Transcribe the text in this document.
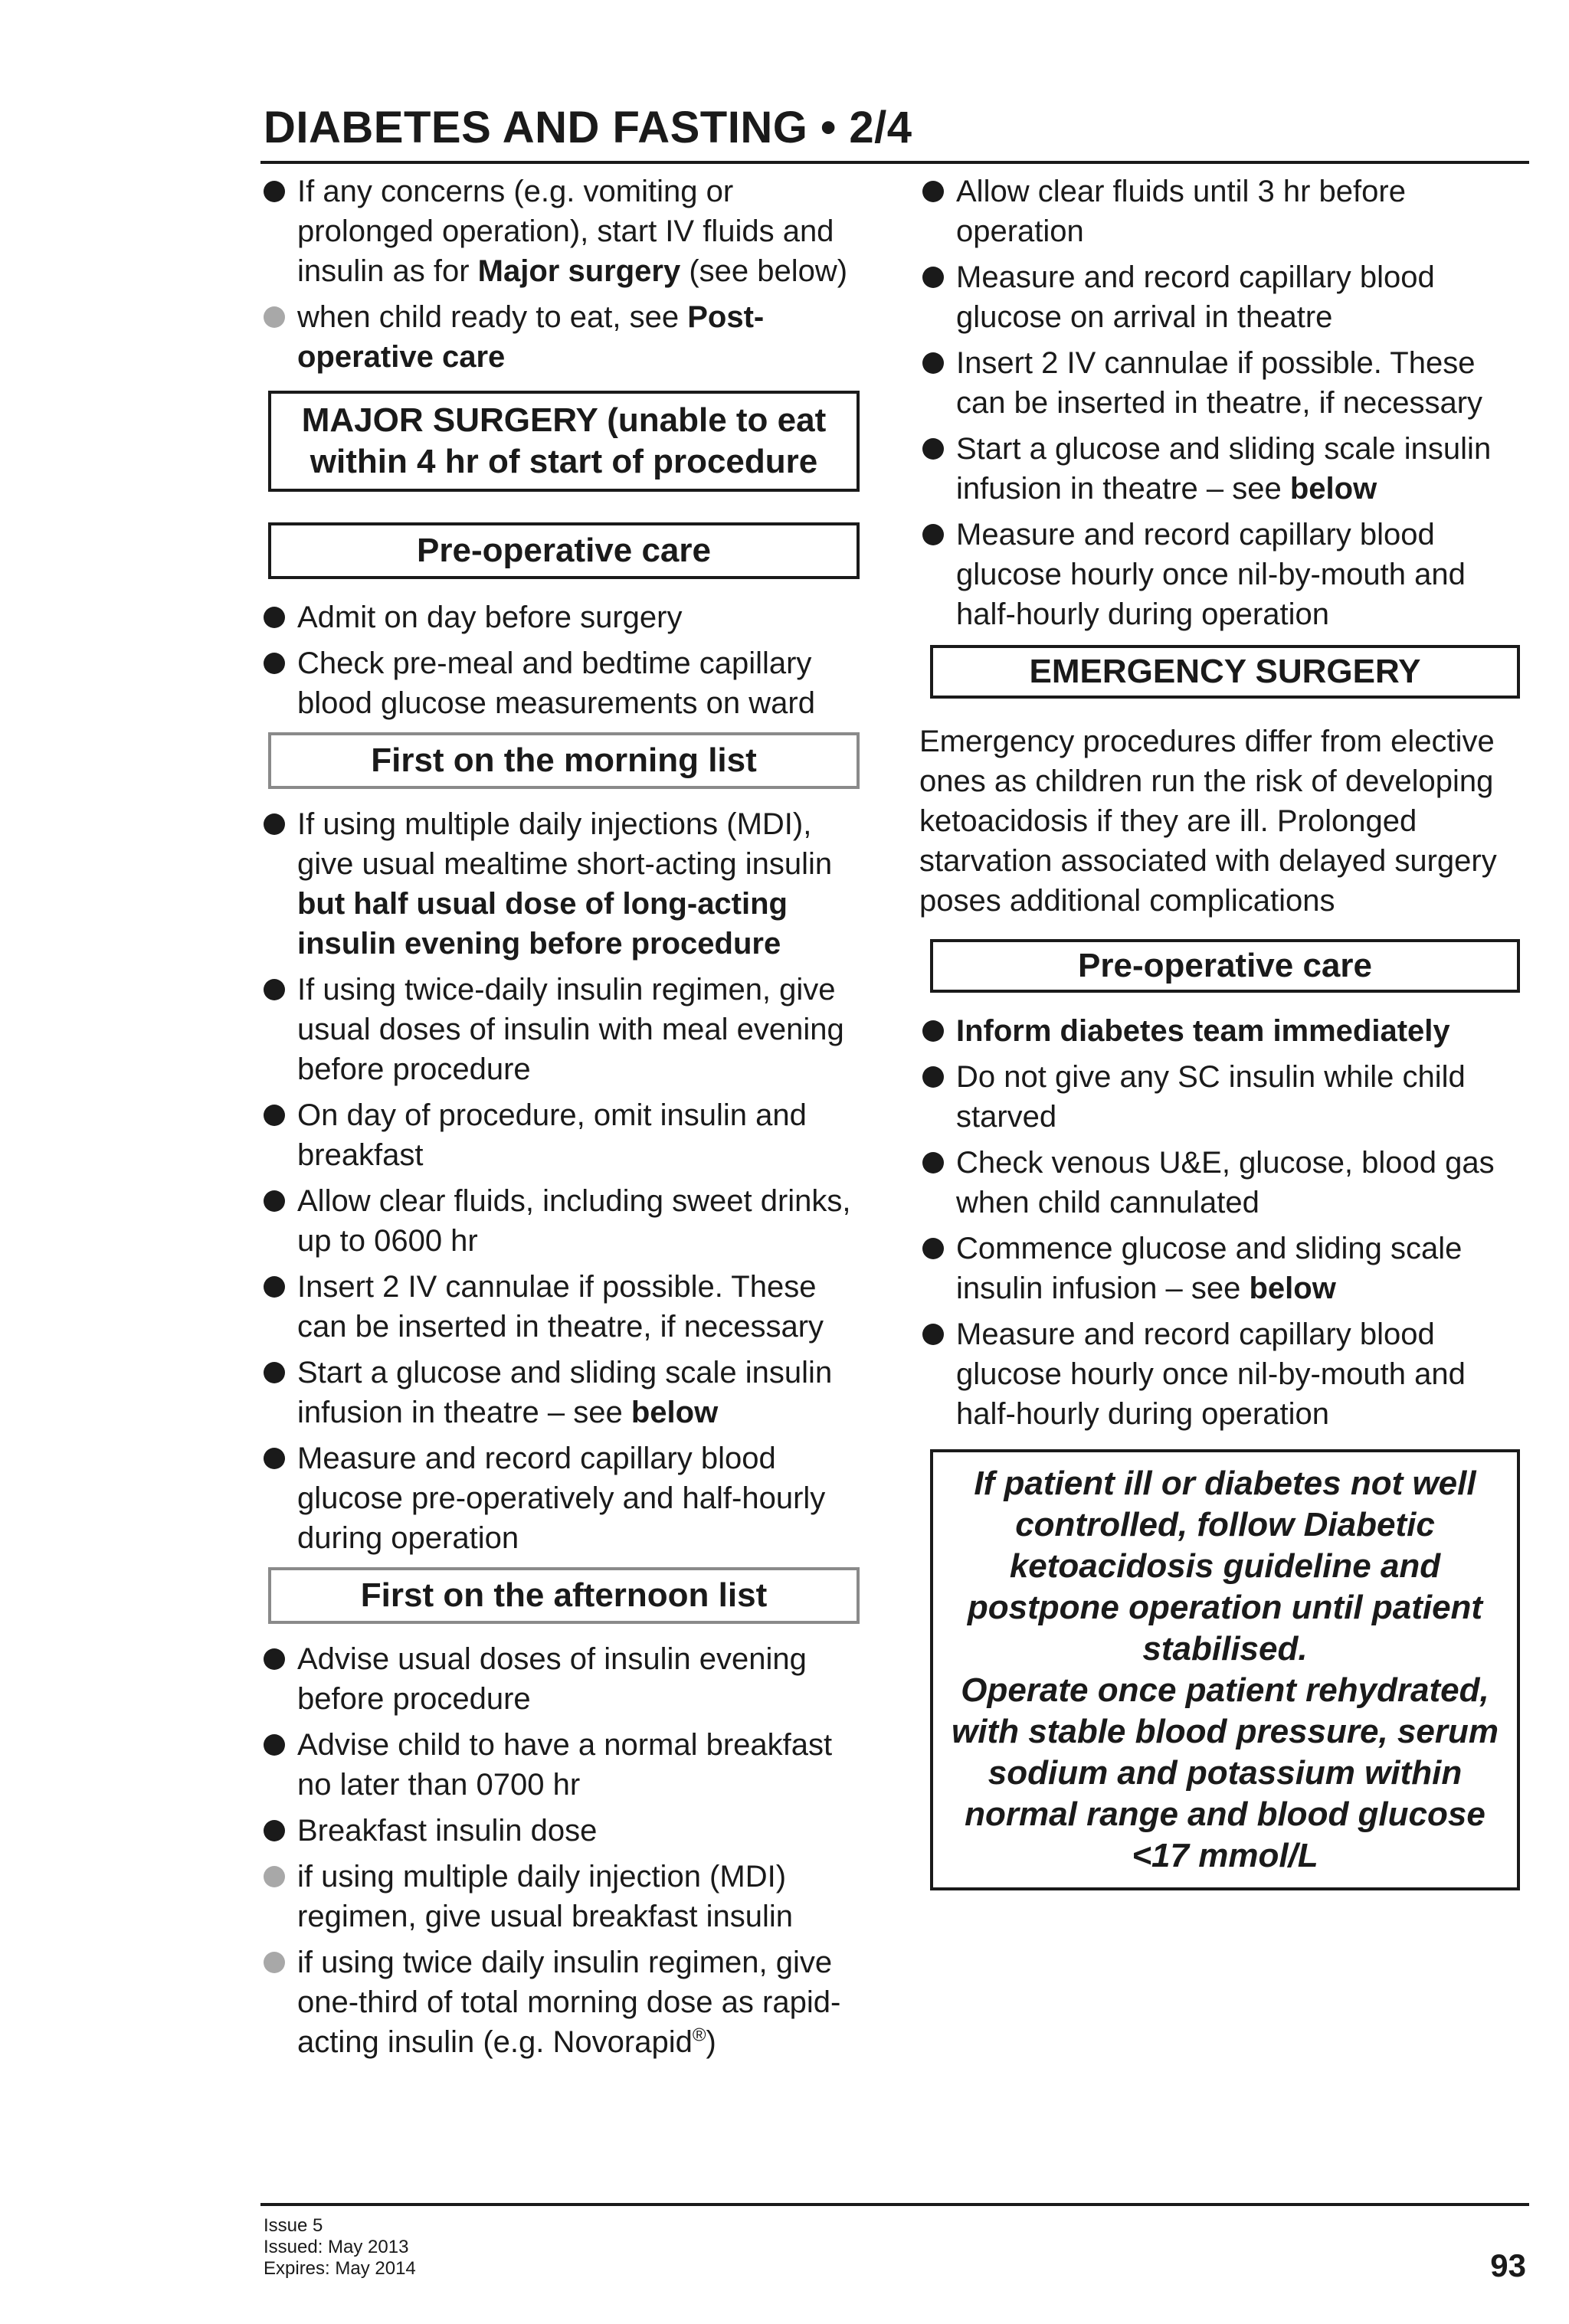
DIABETES AND FASTING • 2/4
If any concerns (e.g. vomiting or prolonged operation), start IV fluids and insulin as for Major surgery (see below)
when child ready to eat, see Post-operative care
MAJOR SURGERY (unable to eat within 4 hr of start of procedure
Pre-operative care
Admit on day before surgery
Check pre-meal and bedtime capillary blood glucose measurements on ward
First on the morning list
If using multiple daily injections (MDI), give usual mealtime short-acting insulin but half usual dose of long-acting insulin evening before procedure
If using twice-daily insulin regimen, give usual doses of insulin with meal evening before procedure
On day of procedure, omit insulin and breakfast
Allow clear fluids, including sweet drinks, up to 0600 hr
Insert 2 IV cannulae if possible. These can be inserted in theatre, if necessary
Start a glucose and sliding scale insulin infusion in theatre – see below
Measure and record capillary blood glucose pre-operatively and half-hourly during operation
First on the afternoon list
Advise usual doses of insulin evening before procedure
Advise child to have a normal breakfast no later than 0700 hr
Breakfast insulin dose
if using multiple daily injection (MDI) regimen, give usual breakfast insulin
if using twice daily insulin regimen, give one-third of total morning dose as rapid-acting insulin (e.g. Novorapid®)
Allow clear fluids until 3 hr before operation
Measure and record capillary blood glucose on arrival in theatre
Insert 2 IV cannulae if possible. These can be inserted in theatre, if necessary
Start a glucose and sliding scale insulin infusion in theatre – see below
Measure and record capillary blood glucose hourly once nil-by-mouth and half-hourly during operation
EMERGENCY SURGERY

Emergency procedures differ from elective ones as children run the risk of developing ketoacidosis if they are ill. Prolonged starvation associated with delayed surgery poses additional complications

Pre-operative care
Inform diabetes team immediately
Do not give any SC insulin while child starved
Check venous U&E, glucose, blood gas when child cannulated
Commence glucose and sliding scale insulin infusion – see below
Measure and record capillary blood glucose hourly once nil-by-mouth and half-hourly during operation
If patient ill or diabetes not well controlled, follow Diabetic ketoacidosis guideline and postpone operation until patient stabilised.
Operate once patient rehydrated, with stable blood pressure, serum sodium and potassium within normal range and blood glucose <17 mmol/L
Issue 5
Issued: May 2013
Expires: May 2014	93
